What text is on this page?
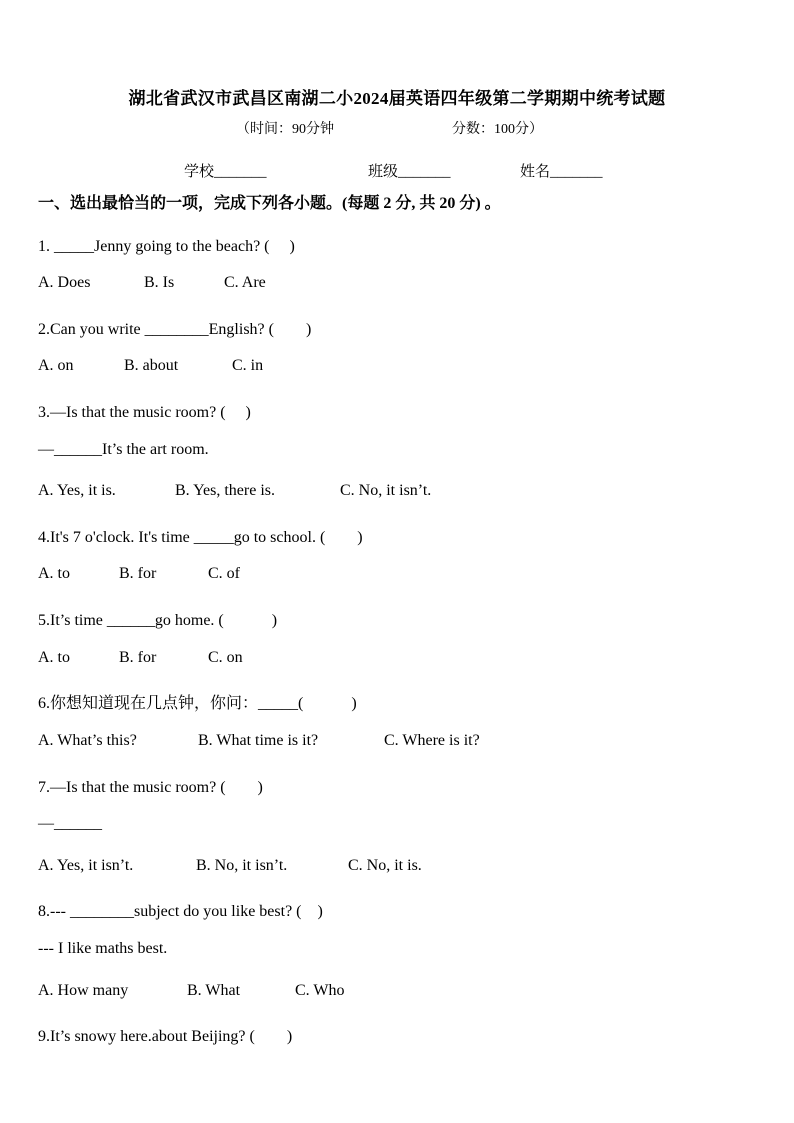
湖北省武汉市武昌区南湖二小2024届英语四年级第二学期期中统考试题
（时间：90分钟	分数：100分）
学校_______	班级_______	姓名_______
一、选出最恰当的一项，完成下列各小题。(每题 2 分, 共 20 分) 。
1. _____Jenny going to the beach? (　 )
A. Does	B. Is	C. Are
2.Can you write ________English? (　　)
A. on	B. about	C. in
3.—Is that the music room? (　 )
—______It’s the art room.
A. Yes, it is.	B. Yes, there is.	C. No, it isn’t.
4.It's 7 o'clock. It's time _____go to school. (　　)
A. to	B. for	C. of
5.It’s time ______go home. (　　　)
A. to	B. for	C. on
6.你想知道现在几点钟，你问：_____(　　　)
A. What’s this?	B. What time is it?	C. Where is it?
7.—Is that the music room? (　　)
—______
A. Yes, it isn’t.	B. No, it isn’t.	C. No, it is.
8.--- ________subject do you like best? (　)
--- I like maths best.
A. How many	B. What	C. Who
9.It’s snowy here.about Beijing? (　　)
